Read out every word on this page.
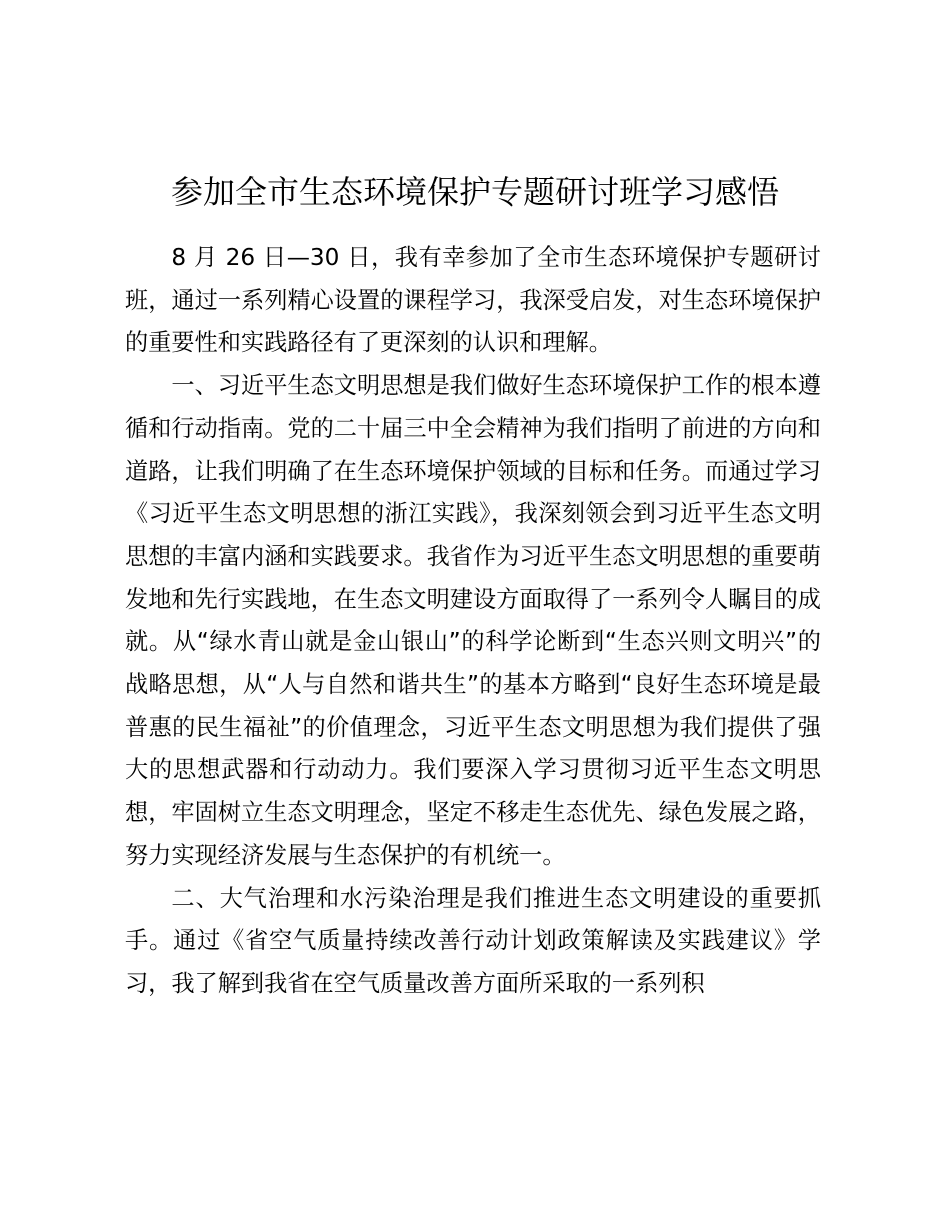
参加全市生态环境保护专题研讨班学习感悟

8 月 26 日—30 日，我有幸参加了全市生态环境保护专题研讨班，通过一系列精心设置的课程学习，我深受启发，对生态环境保护的重要性和实践路径有了更深刻的认识和理解。

一、习近平生态文明思想是我们做好生态环境保护工作的根本遵循和行动指南。党的二十届三中全会精神为我们指明了前进的方向和道路，让我们明确了在生态环境保护领域的目标和任务。而通过学习《习近平生态文明思想的浙江实践》，我深刻领会到习近平生态文明思想的丰富内涵和实践要求。我省作为习近平生态文明思想的重要萌发地和先行实践地，在生态文明建设方面取得了一系列令人瞩目的成就。从“绿水青山就是金山银山”的科学论断到“生态兴则文明兴”的战略思想，从“人与自然和谐共生”的基本方略到“良好生态环境是最普惠的民生福祉”的价值理念，习近平生态文明思想为我们提供了强大的思想武器和行动动力。我们要深入学习贯彻习近平生态文明思想，牢固树立生态文明理念，坚定不移走生态优先、绿色发展之路，努力实现经济发展与生态保护的有机统一。

二、大气治理和水污染治理是我们推进生态文明建设的重要抓手。通过《省空气质量持续改善行动计划政策解读及实践建议》学习，我了解到我省在空气质量改善方面所采取的一系列积
